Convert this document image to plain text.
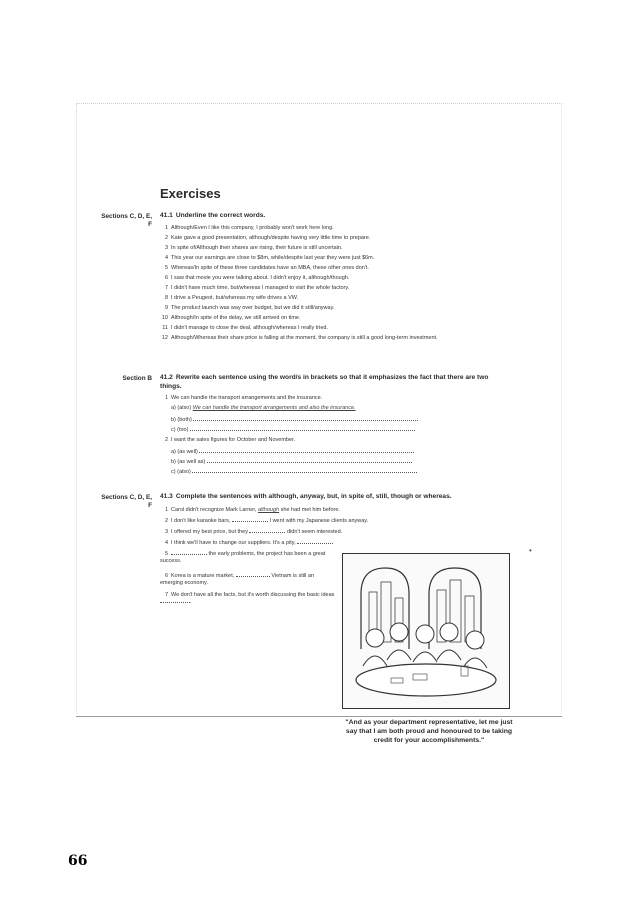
Exercises
Sections C, D, E, F
41.1 Underline the correct words.
1 Although/Even I like this company, I probably won't work here long.
2 Kate gave a good presentation, although/despite having very little time to prepare.
3 In spite of/Although their shares are rising, their future is still uncertain.
4 This year our earnings are close to $8m, while/despite last year they were just $6m.
5 Whereas/In spite of these three candidates have an MBA, these other ones don't.
6 I saw that movie you were talking about. I didn't enjoy it, although/though.
7 I didn't have much time, but/whereas I managed to visit the whole factory.
8 I drive a Peugeot, but/whereas my wife drives a VW.
9 The product launch was way over budget, but we did it still/anyway.
10 Although/In spite of the delay, we still arrived on time.
11 I didn't manage to close the deal, although/whereas I really tried.
12 Although/Whereas their share price is falling at the moment, the company is still a good long-term investment.
Section B 41.2 Rewrite each sentence using the word/s in brackets so that it emphasizes the fact that there are two things.
1 We can handle the transport arrangements and the insurance.
a) (also) We can handle the transport arrangements and also the insurance.
b) (both)
c) (too)
2 I want the sales figures for October and November.
a) (as well)
b) (as well as)
c) (also)
Sections C, D, E, F
41.3 Complete the sentences with although, anyway, but, in spite of, still, though or whereas.
1 Carol didn't recognize Mark Larner, although she had met him before.
2 I don't like karaoke bars,	I went with my Japanese clients anyway.
3 I offered my best price, but they	didn't seem interested.
4 I think we'll have to change our suppliers. It's a pity,
5	the early problems, the project has been a great success.
6 Korea is a mature market,	Vietnam is still an emerging economy.
7 We don't have all the facts, but it's worth discussing the basic ideas .
"And as your department representative, let me just say that I am both proud and honoured to be taking credit for your accomplishments."
•
66
